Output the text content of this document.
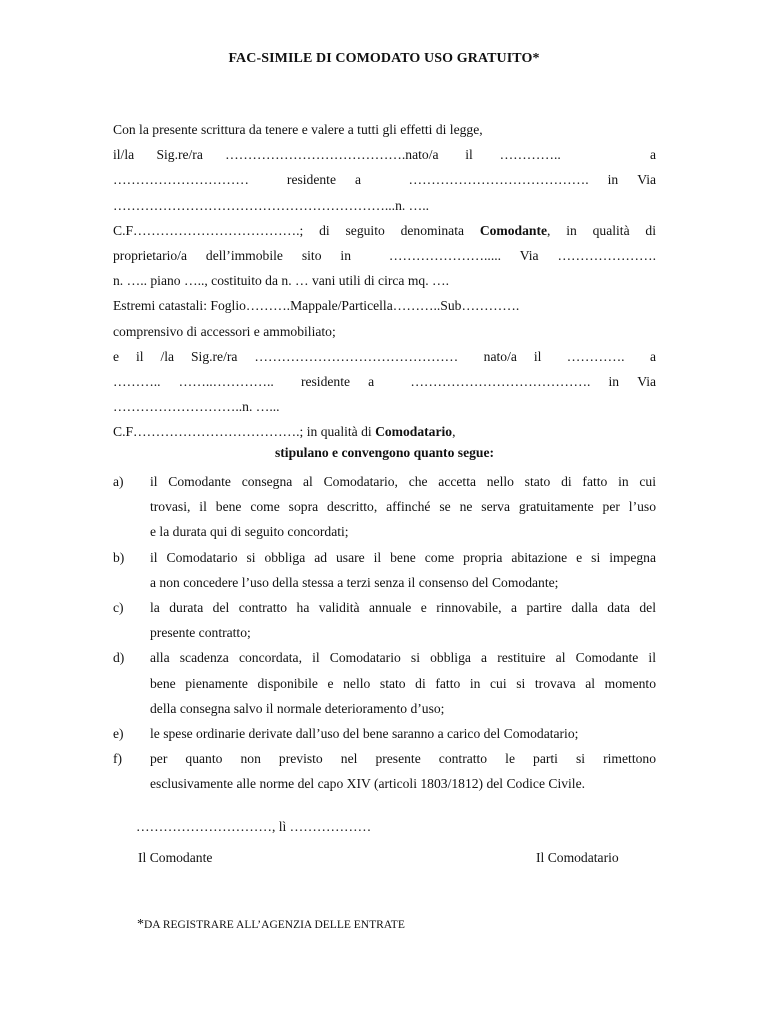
FAC-SIMILE DI COMODATO USO GRATUITO*
Con la presente scrittura da tenere e valere a tutti gli effetti di legge,
il/la     Sig.re/ra     ………………………………….nato/a      il      …………..                    a
…………………………    residente  a     ………………………………….  in  Via
……………………………………………………...n. …..
C.F……………………………….; di seguito denominata Comodante, in qualità di
proprietario/a dell’immobile sito in  …………………..... Via ………………….
n. ….. piano ….., costituito da n. … vani utili di circa mq. ….
Estremi catastali: Foglio……….Mappale/Particella………..Sub………….
comprensivo di accessori e ammobiliato;
e  il  /la  Sig.re/ra  ………………………………………   nato/a  il   ………….   a
………..  ……..…………..   residente  a    ………………………………….  in  Via
………………………..n. …...
C.F……………………………….; in qualità di Comodatario,
stipulano e convengono quanto segue:
a)	il Comodante consegna al Comodatario, che accetta nello stato di fatto in cui
trovasi, il bene come sopra descritto, affinché se ne serva gratuitamente per l’uso
e la durata qui di seguito concordati;
b)	il Comodatario si obbliga ad usare il bene come propria abitazione e si impegna
a non concedere l’uso della stessa a terzi senza il consenso del Comodante;
c)	la durata del contratto ha validità annuale e rinnovabile, a partire dalla data del
presente contratto;
d)	alla scadenza concordata, il Comodatario si obbliga a restituire al Comodante il
bene pienamente disponibile e nello stato di fatto in cui si trovava al momento
della consegna salvo il normale deterioramento d’uso;
e)	le spese ordinarie derivate dall’uso del bene saranno a carico del Comodatario;
f)	per quanto non previsto nel presente contratto le parti si rimettono
esclusivamente alle norme del capo XIV (articoli 1803/1812) del Codice Civile.
…………………………, lì ………………
Il Comodante	Il Comodatario
*DA REGISTRARE ALL’AGENZIA DELLE ENTRATE
